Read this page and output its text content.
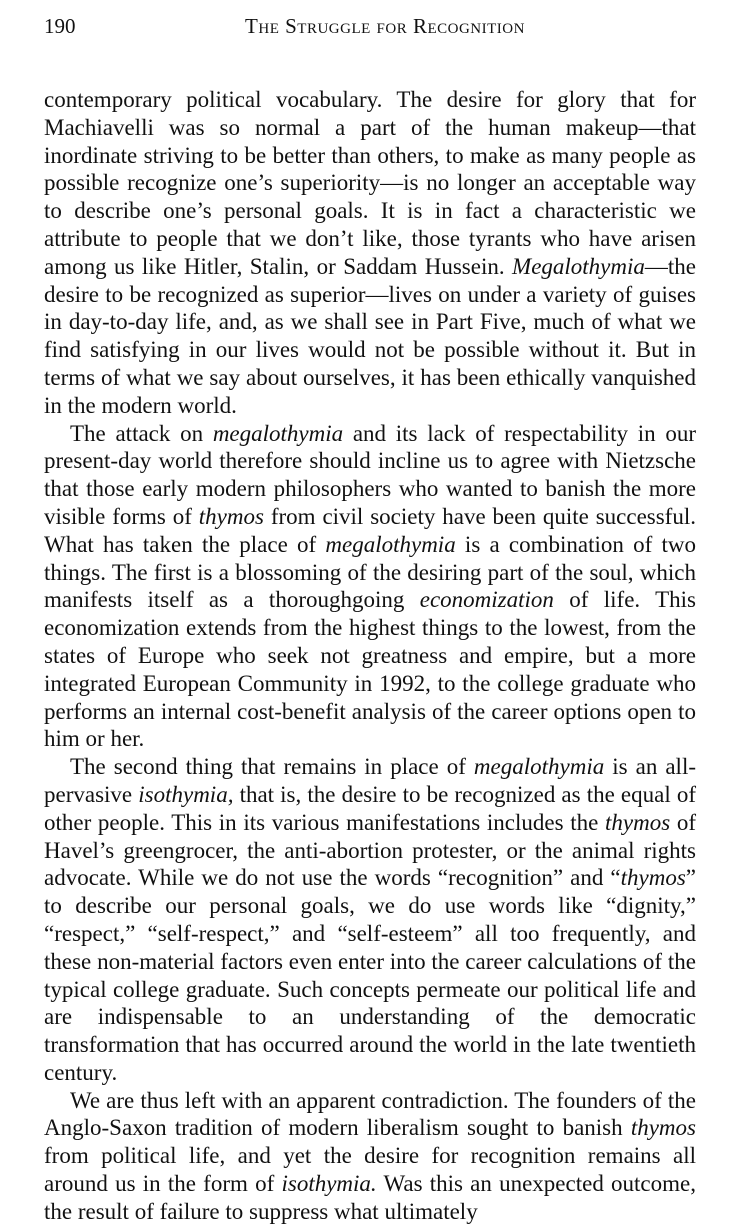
190	The Struggle for Recognition

contemporary political vocabulary. The desire for glory that for Machiavelli was so normal a part of the human makeup—that inordinate striving to be better than others, to make as many people as possible recognize one’s superiority—is no longer an acceptable way to describe one’s personal goals. It is in fact a characteristic we attribute to people that we don’t like, those tyrants who have arisen among us like Hitler, Stalin, or Saddam Hussein. Megalothymia—the desire to be recognized as superior—lives on under a variety of guises in day-to-day life, and, as we shall see in Part Five, much of what we find satisfying in our lives would not be possible without it. But in terms of what we say about ourselves, it has been ethically vanquished in the modern world.

The attack on megalothymia and its lack of respectability in our present-day world therefore should incline us to agree with Nietzsche that those early modern philosophers who wanted to banish the more visible forms of thymos from civil society have been quite successful. What has taken the place of megalothymia is a combination of two things. The first is a blossoming of the desiring part of the soul, which manifests itself as a thoroughgoing economization of life. This economization extends from the highest things to the lowest, from the states of Europe who seek not greatness and empire, but a more integrated European Community in 1992, to the college graduate who performs an internal cost-benefit analysis of the career options open to him or her.

The second thing that remains in place of megalothymia is an all-pervasive isothymia, that is, the desire to be recognized as the equal of other people. This in its various manifestations includes the thymos of Havel’s greengrocer, the anti-abortion protester, or the animal rights advocate. While we do not use the words “recognition” and “thymos” to describe our personal goals, we do use words like “dignity,” “respect,” “self-respect,” and “self-esteem” all too frequently, and these non-material factors even enter into the career calculations of the typical college graduate. Such concepts permeate our political life and are indispensable to an understanding of the democratic transformation that has occurred around the world in the late twentieth century.

We are thus left with an apparent contradiction. The founders of the Anglo-Saxon tradition of modern liberalism sought to banish thymos from political life, and yet the desire for recognition remains all around us in the form of isothymia. Was this an unexpected outcome, the result of failure to suppress what ultimately
